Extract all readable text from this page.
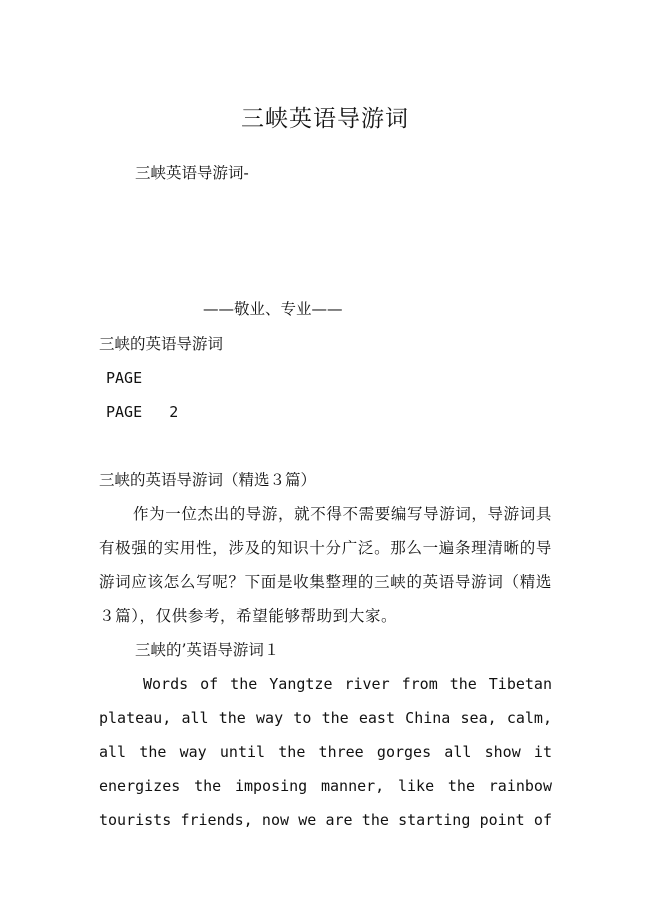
三峡英语导游词
三峡英语导游词-
——敬业、专业——
三峡的英语导游词
PAGE
PAGE   2
三峡的英语导游词（精选３篇）

作为一位杰出的导游，就不得不需要编写导游词，导游词具有极强的实用性，涉及的知识十分广泛。那么一遍条理清晰的导游词应该怎么写呢？下面是收集整理的三峡的英语导游词（精选３篇），仅供参考，希望能够帮助到大家。

三峡的’英语导游词１

Words of the Yangtze river from the Tibetan plateau, all the way to the east China sea, calm, all the way until the three gorges all show it energizes the imposing manner, like the rainbow tourists friends, now we are the starting point of
